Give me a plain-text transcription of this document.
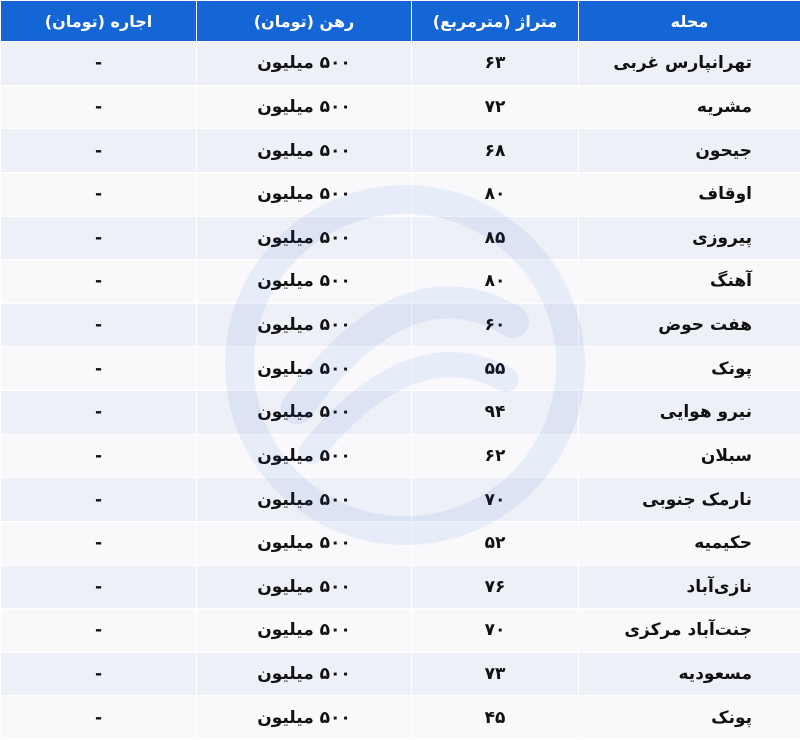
محله	متراژ (مترمربع)	رهن (تومان)	اجاره (تومان)
تهرانپارس غربی	۶۳	۵۰۰ میلیون	-
مشریه	۷۲	۵۰۰ میلیون	-
جیحون	۶۸	۵۰۰ میلیون	-
اوقاف	۸۰	۵۰۰ میلیون	-
پیروزی	۸۵	۵۰۰ میلیون	-
آهنگ	۸۰	۵۰۰ میلیون	-
هفت حوض	۶۰	۵۰۰ میلیون	-
پونک	۵۵	۵۰۰ میلیون	-
نیرو هوایی	۹۴	۵۰۰ میلیون	-
سبلان	۶۲	۵۰۰ میلیون	-
نارمک جنوبی	۷۰	۵۰۰ میلیون	-
حکیمیه	۵۲	۵۰۰ میلیون	-
نازی‌آباد	۷۶	۵۰۰ میلیون	-
جنت‌آباد مرکزی	۷۰	۵۰۰ میلیون	-
مسعودیه	۷۳	۵۰۰ میلیون	-
پونک	۴۵	۵۰۰ میلیون	-
